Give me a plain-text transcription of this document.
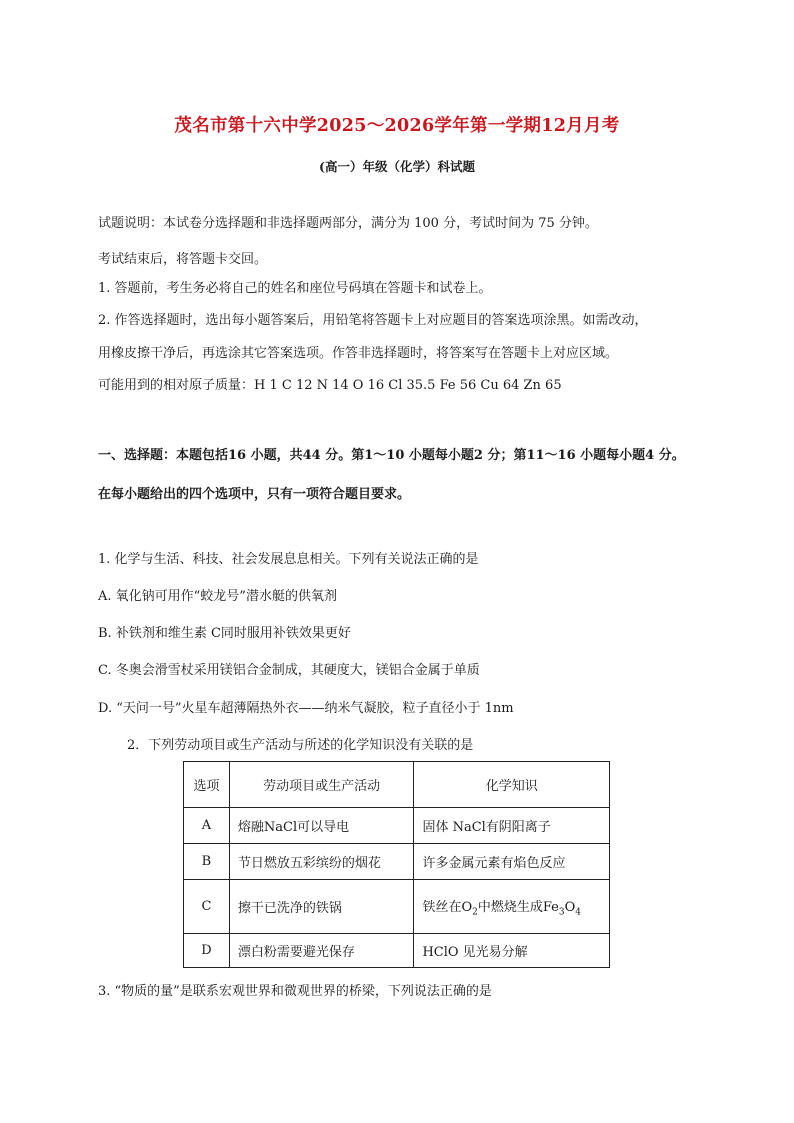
茂名市第十六中学2025～2026学年第一学期12月月考
(高一）年级（化学）科试题
试题说明：本试卷分选择题和非选择题两部分，满分为 100 分，考试时间为 75 分钟。
考试结束后，将答题卡交回。
1. 答题前，考生务必将自己的姓名和座位号码填在答题卡和试卷上。
2. 作答选择题时，选出每小题答案后，用铅笔将答题卡上对应题目的答案选项涂黑。如需改动，
用橡皮擦干净后，再选涂其它答案选项。作答非选择题时，将答案写在答题卡上对应区域。
可能用到的相对原子质量：H 1 C 12 N 14 O 16 Cl 35.5 Fe 56 Cu 64 Zn 65
一、选择题：本题包括16 小题，共44 分。第1～10 小题每小题2 分；第11～16 小题每小题4 分。
在每小题给出的四个选项中，只有一项符合题目要求。
1. 化学与生活、科技、社会发展息息相关。下列有关说法正确的是
A. 氧化钠可用作“蛟龙号”潜水艇的供氧剂
B. 补铁剂和维生素 C同时服用补铁效果更好
C. 冬奥会滑雪杖采用镁铝合金制成，其硬度大，镁铝合金属于单质
D. “天问一号”火星车超薄隔热外衣——纳米气凝胶，粒子直径小于 1nm
2．下列劳动项目或生产活动与所述的化学知识没有关联的是
选项	劳动项目或生产活动	化学知识
A	熔融NaCl可以导电	固体 NaCl有阴阳离子
B	节日燃放五彩缤纷的烟花	许多金属元素有焰色反应
C	擦干已洗净的铁锅	铁丝在$O_2$中燃烧生成$Fe_3O_4$
D	漂白粉需要避光保存	HClO 见光易分解
3. “物质的量”是联系宏观世界和微观世界的桥梁，下列说法正确的是
